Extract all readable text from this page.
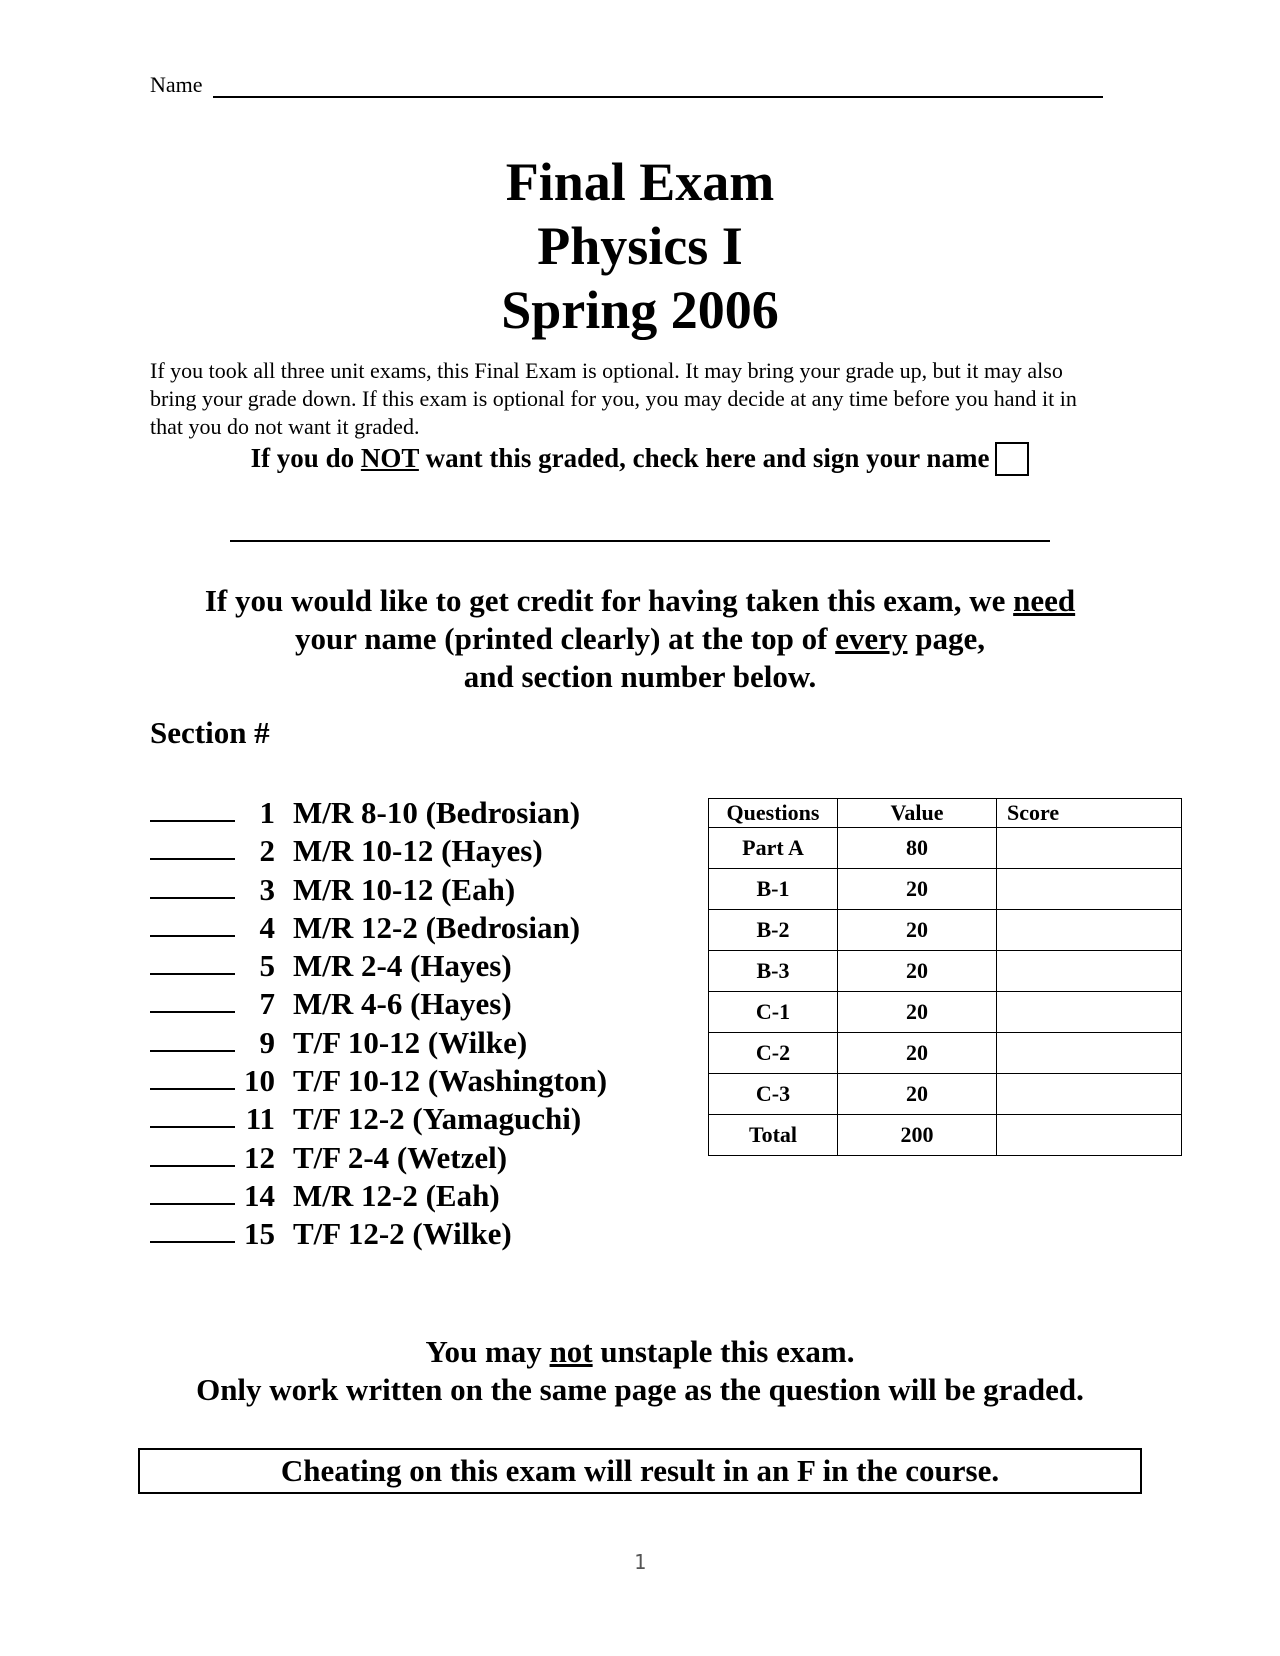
Name
Final Exam
Physics I
Spring 2006
If you took all three unit exams, this Final Exam is optional. It may bring your grade up, but it may also bring your grade down. If this exam is optional for you, you may decide at any time before you hand it in that you do not want it graded.
If you do NOT want this graded, check here and sign your name
If you would like to get credit for having taken this exam, we need
your name (printed clearly) at the top of every page,
and section number below.
Section #
1 M/R 8-10 (Bedrosian)
2 M/R 10-12 (Hayes)
3 M/R 10-12 (Eah)
4 M/R 12-2 (Bedrosian)
5 M/R 2-4 (Hayes)
7 M/R 4-6 (Hayes)
9 T/F 10-12 (Wilke)
10 T/F 10-12 (Washington)
11 T/F 12-2 (Yamaguchi)
12 T/F 2-4 (Wetzel)
14 M/R 12-2 (Eah)
15 T/F 12-2 (Wilke)
Questions	Value	Score
Part A	80	
B-1	20	
B-2	20	
B-3	20	
C-1	20	
C-2	20	
C-3	20	
Total	200	
You may not unstaple this exam.
Only work written on the same page as the question will be graded.
Cheating on this exam will result in an F in the course.
1
